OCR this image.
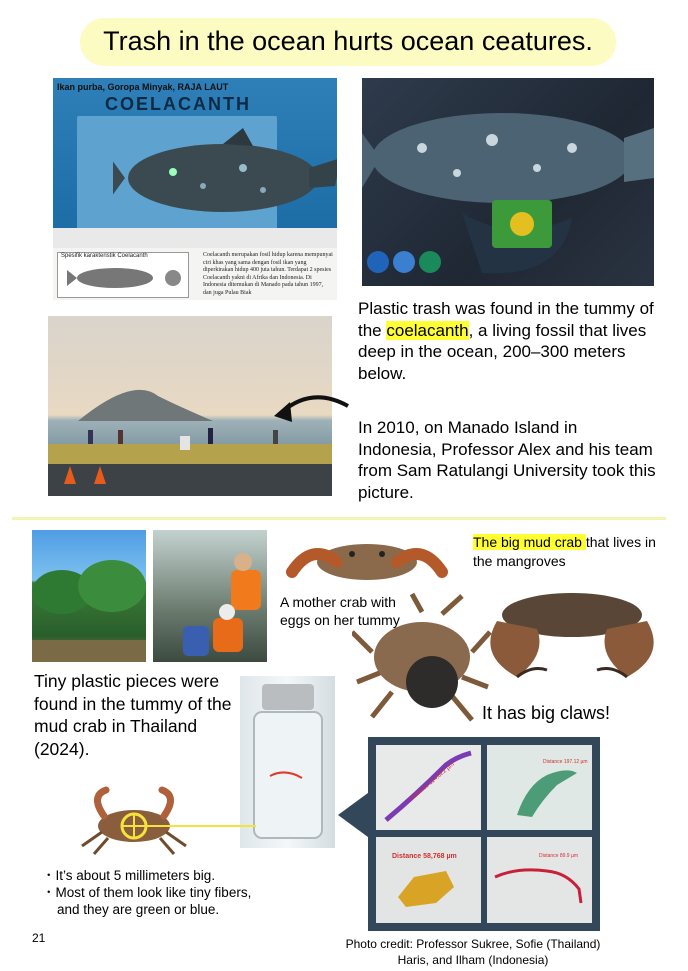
Trash in the ocean hurts ocean ceatures.
Ikan purba, Goropa Minyak, RAJA LAUT
COELACANTH
Spesifik karakteristik Coelacanth	Coelacanth merupakan fosil hidup karena mempunyai ciri khas yang sama dengan fosil ikan yang diperkirakan hidup 400 juta tahun. Terdapat 2 spesies Coelacanth yakni di Afrika dan Indonesia. Di Indonesia ditemukan di Manado pada tahun 1997, dan juga Pulau Biak
Plastic trash was found in the tummy of the coelacanth, a living fossil that lives deep in the ocean, 200–300 meters below.
In 2010, on Manado Island in Indonesia, Professor Alex and his team from Sam Ratulangi University took this picture.
A mother crab with eggs on her tummy
The big mud crab that lives in the mangroves
It has big claws!
Tiny plastic pieces were found in the tummy of the mud crab in Thailand (2024).
・It’s about 5 millimeters big.
・Most of them look like tiny fibers,
and they are green or blue.
Distance 114,622 µm	Distance 197.12 µm
Distance 58,768 µm	Distance 89.9 µm
21	Photo credit: Professor Sukree, Sofie (Thailand)
Haris, and Ilham (Indonesia)
